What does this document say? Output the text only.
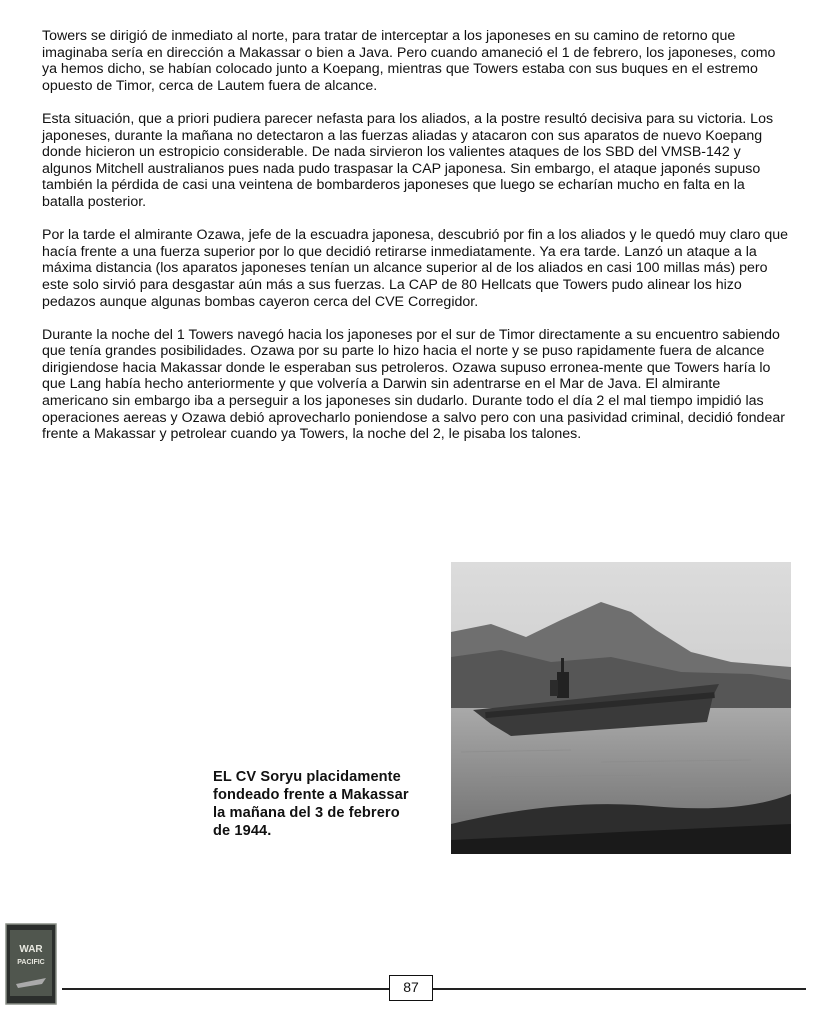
Towers se dirigió de inmediato al norte, para tratar de interceptar a los japoneses en su camino de retorno que imaginaba sería en dirección a Makassar o bien a Java. Pero cuando amaneció el 1 de febrero, los japoneses, como ya hemos dicho, se habían colocado junto a Koepang, mientras que Towers estaba con sus buques en el estremo opuesto de Timor, cerca de Lautem fuera de alcance.

Esta situación, que a priori pudiera parecer nefasta para los aliados, a la postre resultó decisiva para su victoria. Los japoneses, durante la mañana no detectaron a las fuerzas aliadas y atacaron con sus aparatos de nuevo Koepang donde hicieron un estropicio considerable. De nada sirvieron los valientes ataques de los SBD del VMSB-142 y algunos Mitchell australianos pues nada pudo traspasar la CAP japonesa. Sin embargo, el ataque japonés supuso también la pérdida de casi una veintena de bombarderos japoneses que luego se echarían mucho en falta en la batalla posterior.

Por la tarde el almirante Ozawa, jefe de la escuadra japonesa, descubrió por fin a los aliados y le quedó muy claro que hacía frente a una fuerza superior por lo que decidió retirarse inmediatamente. Ya era tarde. Lanzó un ataque a la máxima distancia (los aparatos japoneses tenían un alcance superior al de los aliados en casi 100 millas más) pero este solo sirvió para desgastar aún más a sus fuerzas. La CAP de 80 Hellcats que Towers pudo alinear los hizo pedazos aunque algunas bombas cayeron cerca del CVE Corregidor.

Durante la noche del 1 Towers navegó hacia los japoneses por el sur de Timor directamente a su encuentro sabiendo que tenía grandes posibilidades. Ozawa por su parte lo hizo hacia el norte y se puso rapidamente fuera de alcance dirigiendose hacia Makassar donde le esperaban sus petroleros. Ozawa supuso erronea-mente que Towers haría lo que Lang había hecho anteriormente y que volvería a Darwin sin adentrarse en el Mar de Java. El almirante americano sin embargo iba a perseguir a los japoneses sin dudarlo. Durante todo el día 2 el mal tiempo impidió las operaciones aereas y Ozawa debió aprovecharlo poniendose a salvo pero con una pasividad criminal, decidió fondear frente a Makassar y petrolear cuando ya Towers, la noche del 2, le pisaba los talones.

EL CV Soryu placidamente
fondeado frente a Makassar
la mañana del 3 de febrero
de 1944.
WAR
PACIFIC
87
